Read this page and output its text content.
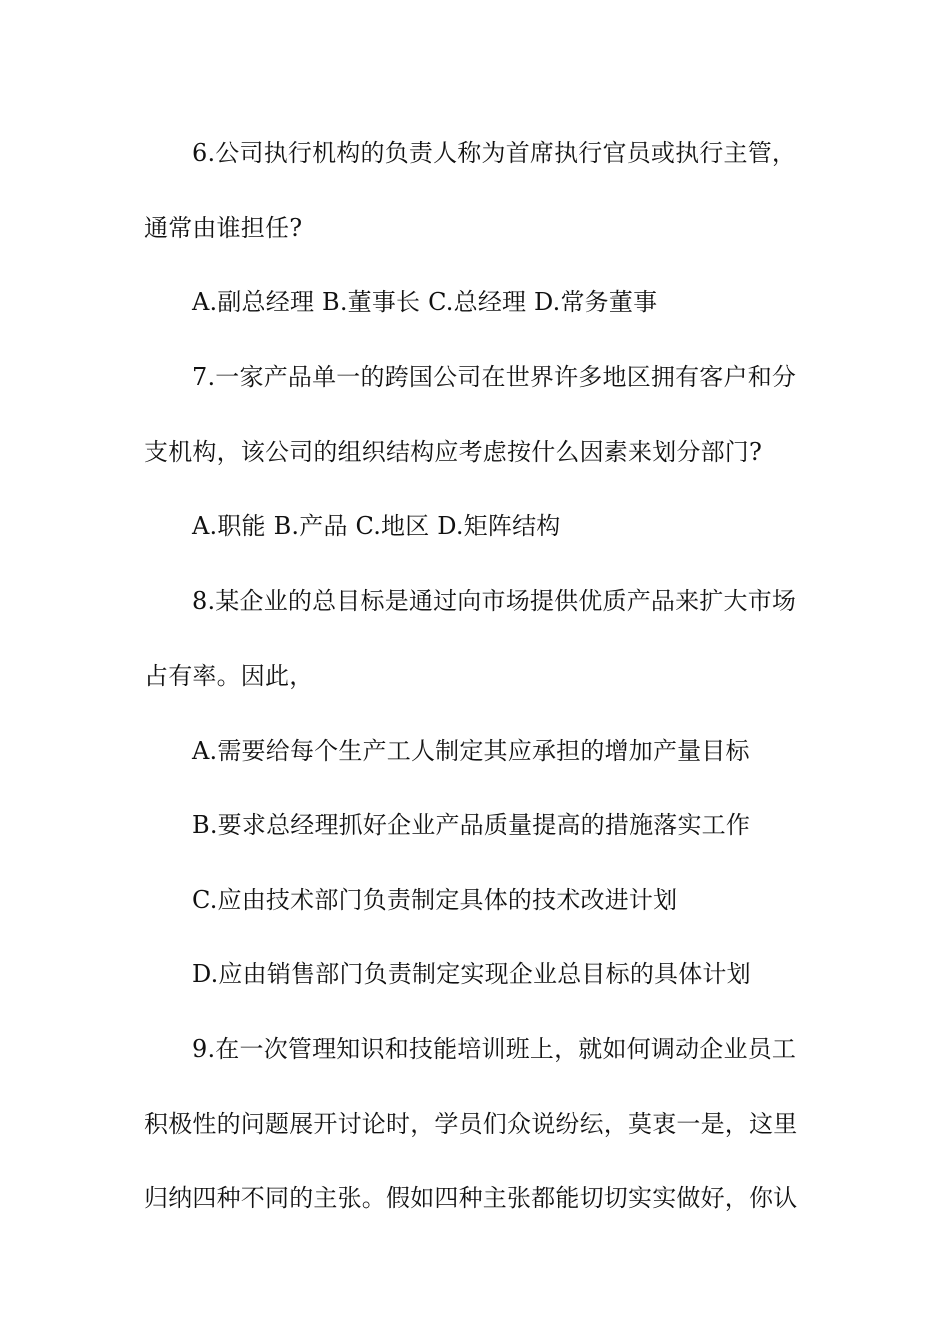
6.公司执行机构的负责人称为首席执行官员或执行主管，
通常由谁担任?
A.副总经理 B.董事长 C.总经理 D.常务董事
7.一家产品单一的跨国公司在世界许多地区拥有客户和分
支机构，该公司的组织结构应考虑按什么因素来划分部门?
A.职能 B.产品 C.地区 D.矩阵结构
8.某企业的总目标是通过向市场提供优质产品来扩大市场
占有率。因此，
A.需要给每个生产工人制定其应承担的增加产量目标
B.要求总经理抓好企业产品质量提高的措施落实工作
C.应由技术部门负责制定具体的技术改进计划
D.应由销售部门负责制定实现企业总目标的具体计划
9.在一次管理知识和技能培训班上，就如何调动企业员工
积极性的问题展开讨论时，学员们众说纷纭，莫衷一是，这里
归纳四种不同的主张。假如四种主张都能切切实实做好，你认
